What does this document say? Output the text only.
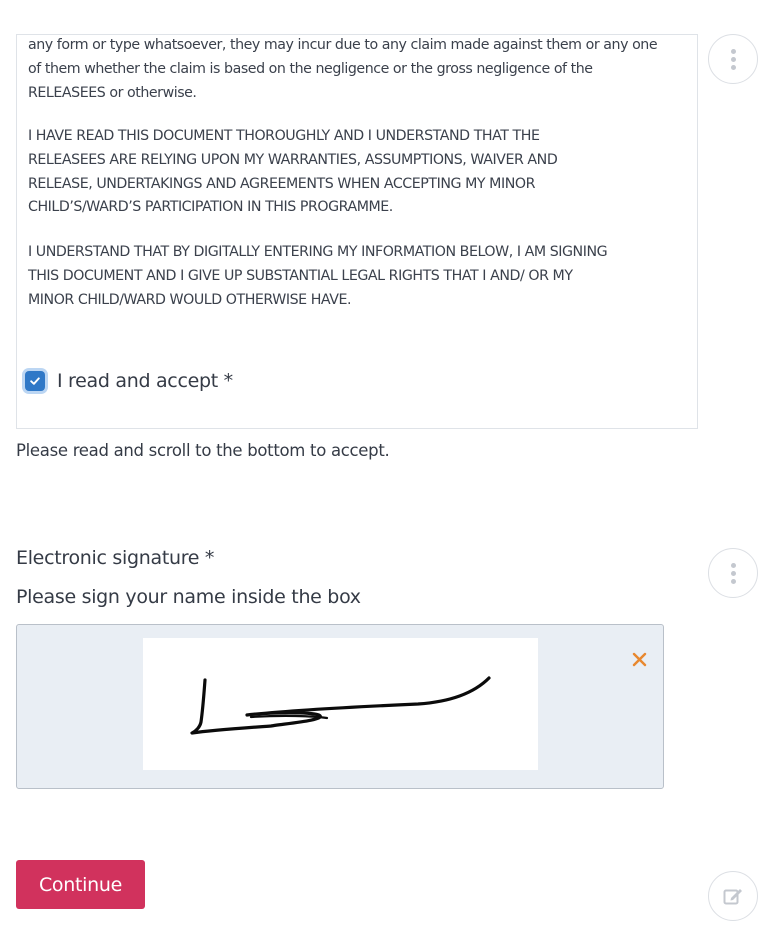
any form or type whatsoever, they may incur due to any claim made against them or any one
of them whether the claim is based on the negligence or the gross negligence of the
RELEASEES or otherwise.

I HAVE READ THIS DOCUMENT THOROUGHLY AND I UNDERSTAND THAT THE
RELEASEES ARE RELYING UPON MY WARRANTIES, ASSUMPTIONS, WAIVER AND
RELEASE, UNDERTAKINGS AND AGREEMENTS WHEN ACCEPTING MY MINOR
CHILD’S/WARD’S PARTICIPATION IN THIS PROGRAMME.

I UNDERSTAND THAT BY DIGITALLY ENTERING MY INFORMATION BELOW, I AM SIGNING
THIS DOCUMENT AND I GIVE UP SUBSTANTIAL LEGAL RIGHTS THAT I AND/ OR MY
MINOR CHILD/WARD WOULD OTHERWISE HAVE.

I read and accept *
Please read and scroll to the bottom to accept.
Electronic signature *
Please sign your name inside the box
Continue
